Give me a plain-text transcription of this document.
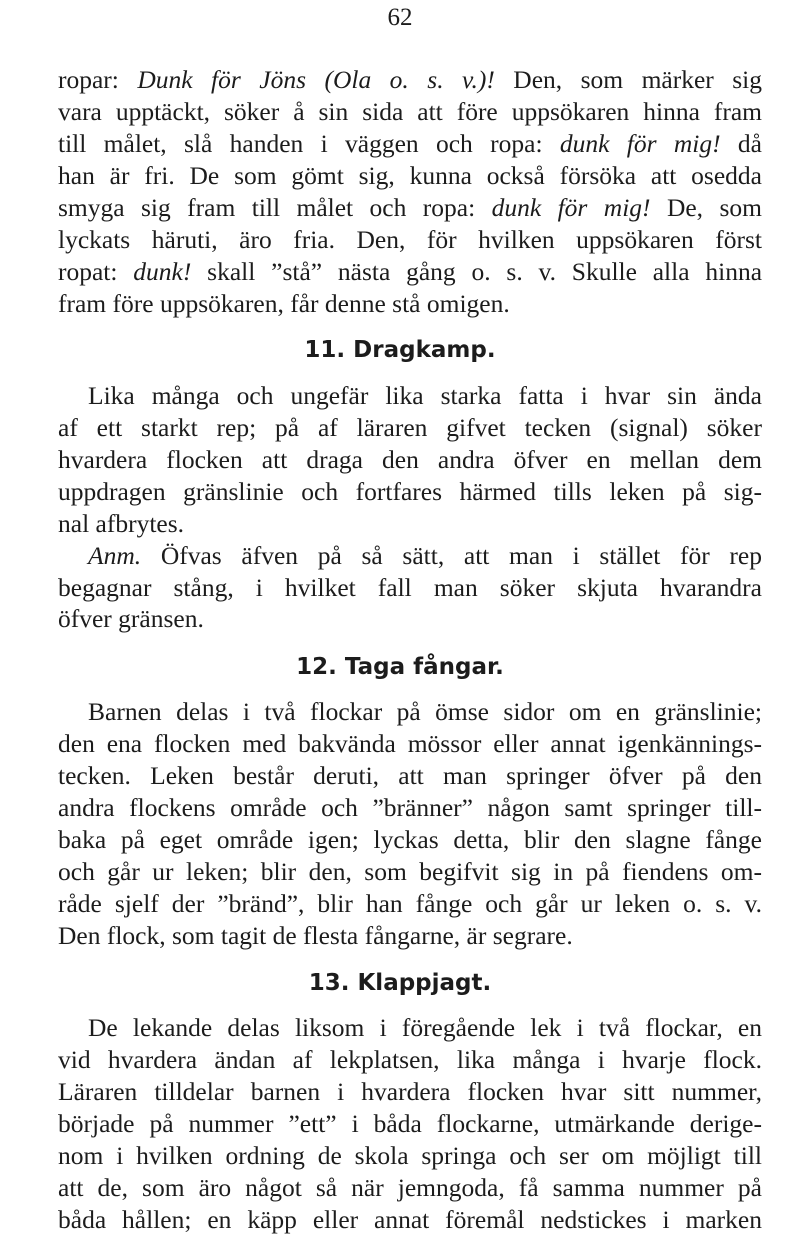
62
ropar: Dunk för Jöns (Ola o. s. v.)! Den, som märker sig
vara upptäckt, söker å sin sida att före uppsökaren hinna fram
till målet, slå handen i väggen och ropa: dunk för mig! då
han är fri. De som gömt sig, kunna också försöka att osedda
smyga sig fram till målet och ropa: dunk för mig! De, som
lyckats häruti, äro fria. Den, för hvilken uppsökaren först
ropat: dunk! skall ”stå” nästa gång o. s. v. Skulle alla hinna
fram före uppsökaren, får denne stå omigen.
11. Dragkamp.
Lika många och ungefär lika starka fatta i hvar sin ända
af ett starkt rep; på af läraren gifvet tecken (signal) söker
hvardera flocken att draga den andra öfver en mellan dem
uppdragen gränslinie och fortfares härmed tills leken på sig-
nal afbrytes.
Anm. Öfvas äfven på så sätt, att man i stället för rep
begagnar stång, i hvilket fall man söker skjuta hvarandra
öfver gränsen.
12. Taga fångar.
Barnen delas i två flockar på ömse sidor om en gränslinie;
den ena flocken med bakvända mössor eller annat igenkännings-
tecken. Leken består deruti, att man springer öfver på den
andra flockens område och ”bränner” någon samt springer till-
baka på eget område igen; lyckas detta, blir den slagne fånge
och går ur leken; blir den, som begifvit sig in på fiendens om-
råde sjelf der ”bränd”, blir han fånge och går ur leken o. s. v.
Den flock, som tagit de flesta fångarne, är segrare.
13. Klappjagt.
De lekande delas liksom i föregående lek i två flockar, en
vid hvardera ändan af lekplatsen, lika många i hvarje flock.
Läraren tilldelar barnen i hvardera flocken hvar sitt nummer,
började på nummer ”ett” i båda flockarne, utmärkande derige-
nom i hvilken ordning de skola springa och ser om möjligt till
att de, som äro något så när jemngoda, få samma nummer på
båda hållen; en käpp eller annat föremål nedstickes i marken
